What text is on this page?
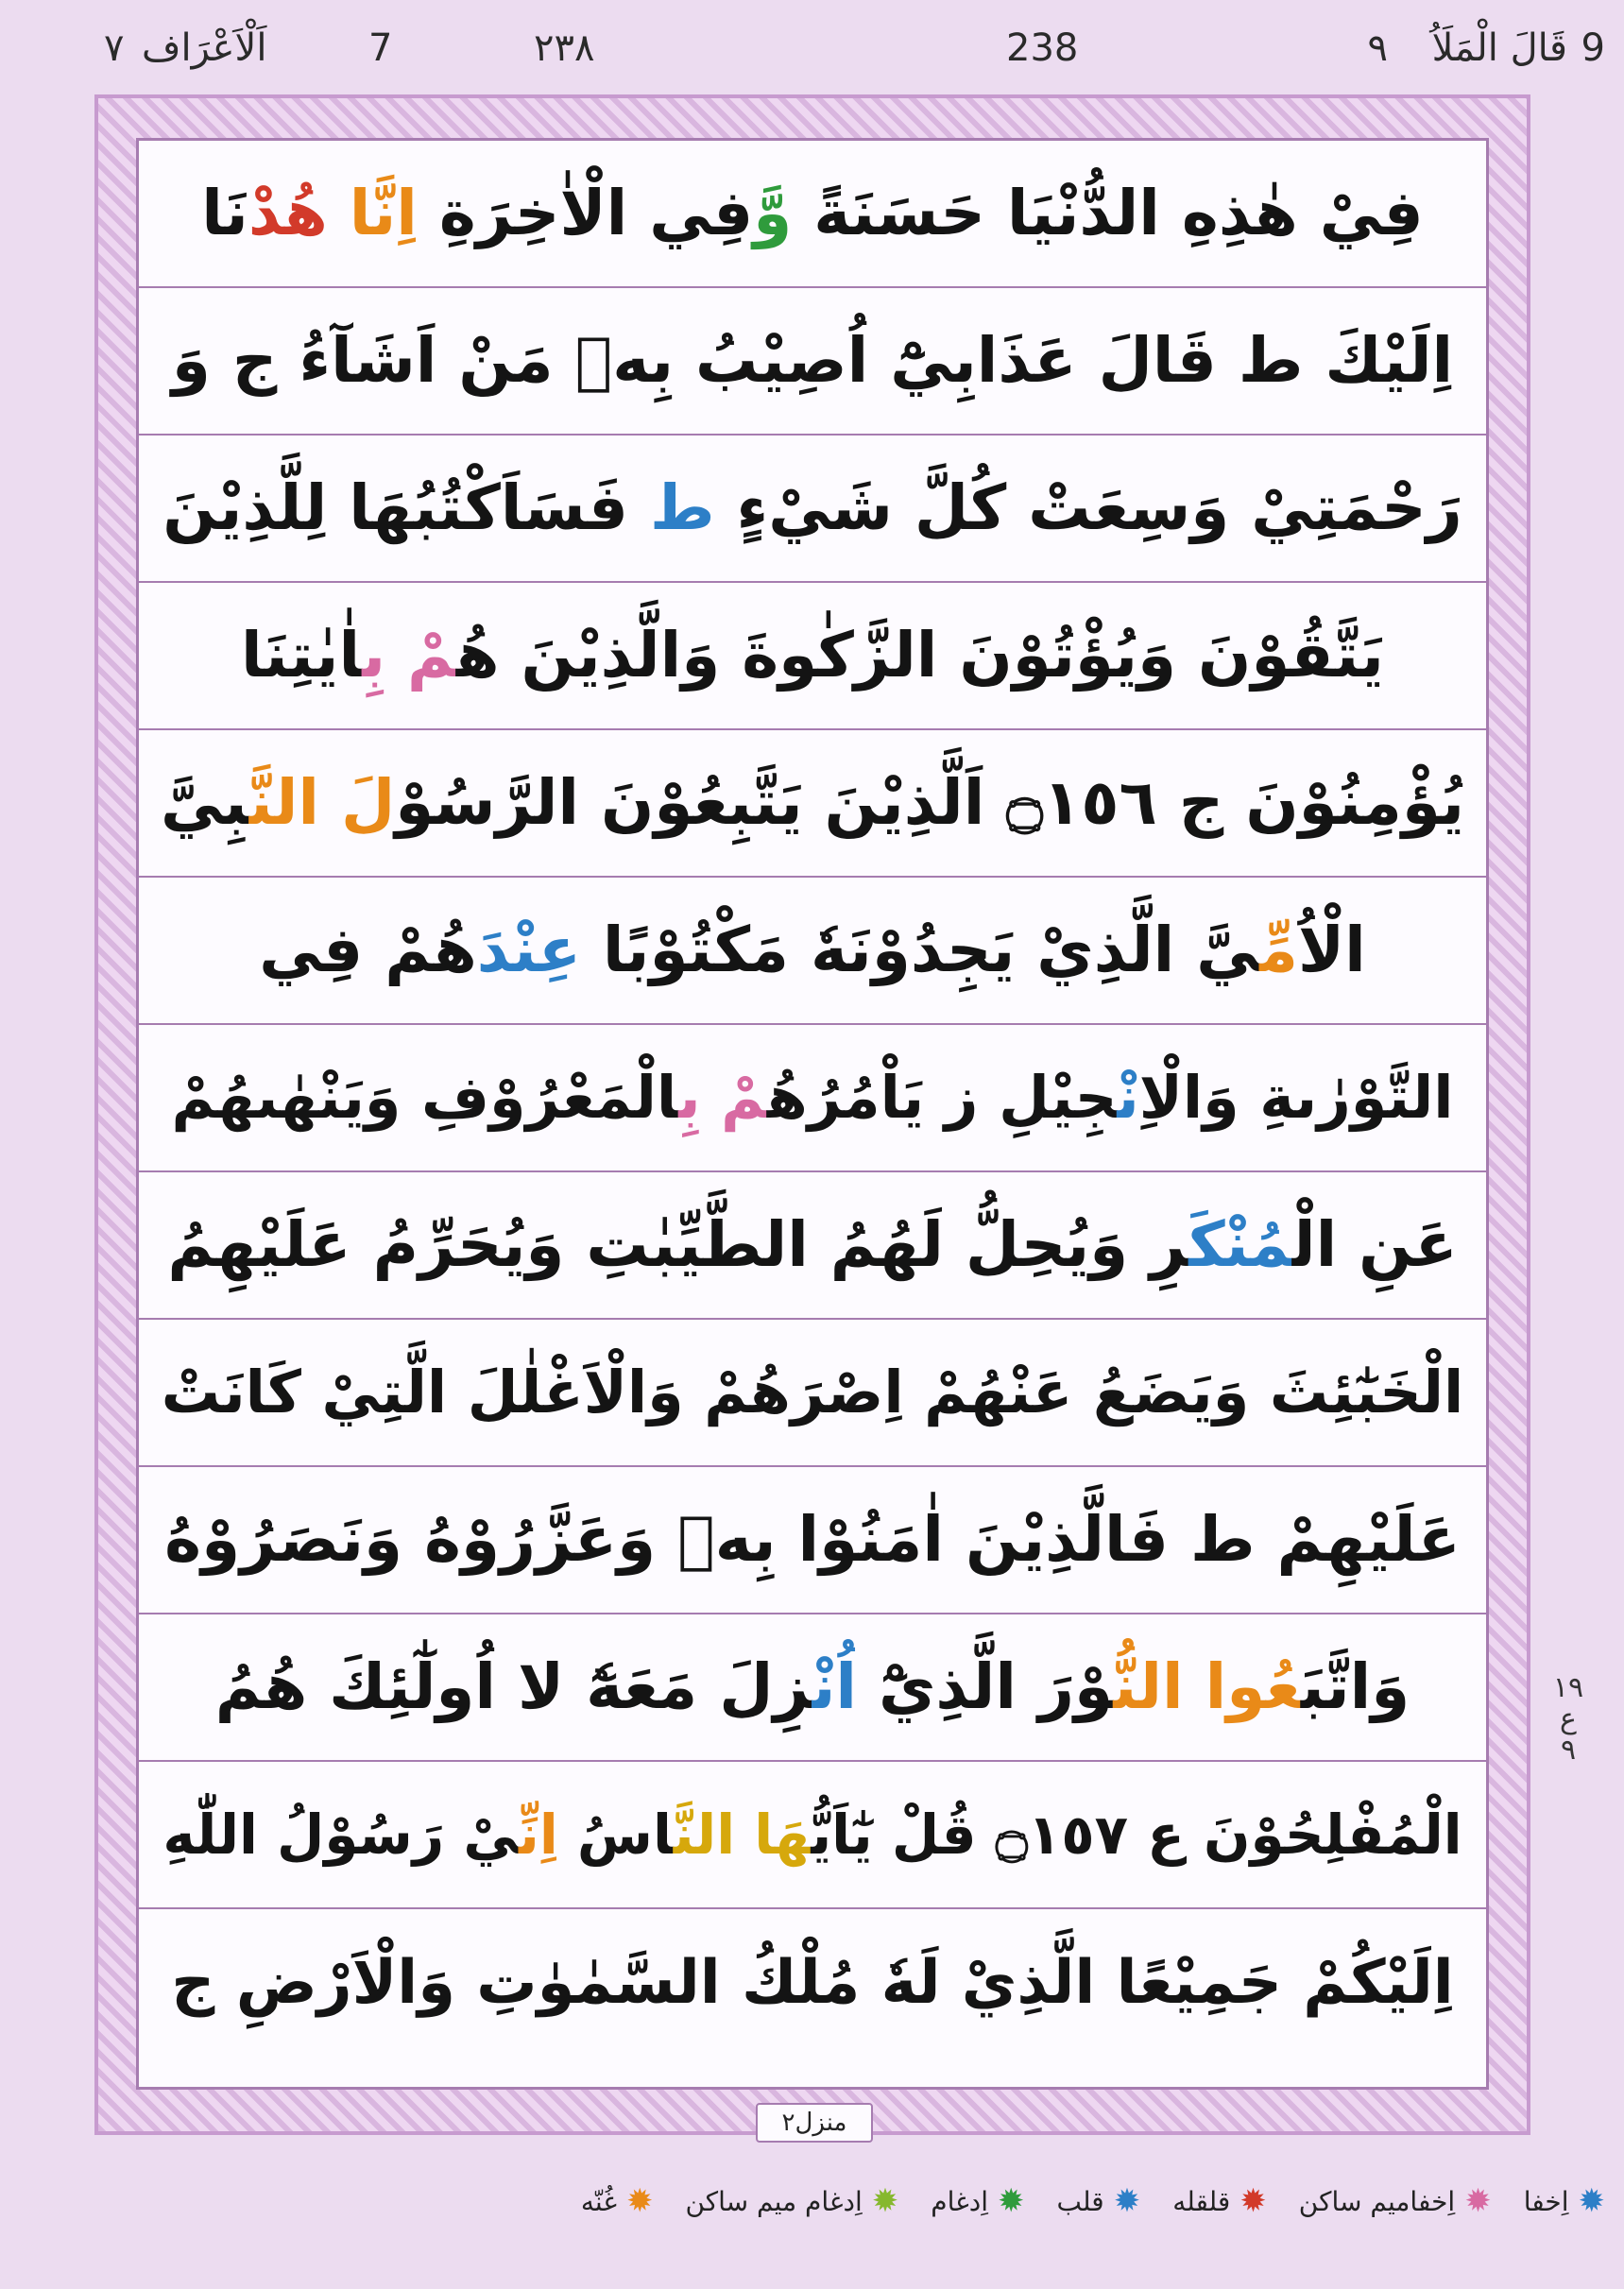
9
قَالَ الْمَلَاُ
٩
238
٢٣٨
7
اَلْاَعْرَاف
٧
فِيْ هٰذِهِ الدُّنْيَا حَسَنَةً وَّفِي الْاٰخِرَةِ اِنَّا هُدْنَا
اِلَيْكَ ط قَالَ عَذَابِيْٓ اُصِيْبُ بِهٖ مَنْ اَشَآءُ ج وَ
رَحْمَتِيْ وَسِعَتْ كُلَّ شَيْءٍ ط فَسَاَكْتُبُهَا لِلَّذِيْنَ
يَتَّقُوْنَ وَيُؤْتُوْنَ الزَّكٰوةَ وَالَّذِيْنَ هُمْ بِاٰيٰتِنَا
يُؤْمِنُوْنَ ج ۝١٥٦ اَلَّذِيْنَ يَتَّبِعُوْنَ الرَّسُوْلَ النَّبِيَّ
الْاُمِّيَّ الَّذِيْ يَجِدُوْنَهٗ مَكْتُوْبًا عِنْدَهُمْ فِي
التَّوْرٰىةِ وَالْاِنْجِيْلِ ز يَاْمُرُهُمْ بِالْمَعْرُوْفِ وَيَنْهٰىهُمْ
عَنِ الْمُنْكَرِ وَيُحِلُّ لَهُمُ الطَّيِّبٰتِ وَيُحَرِّمُ عَلَيْهِمُ
الْخَبٰٓئِثَ وَيَضَعُ عَنْهُمْ اِصْرَهُمْ وَالْاَغْلٰلَ الَّتِيْ كَانَتْ
عَلَيْهِمْ ط فَالَّذِيْنَ اٰمَنُوْا بِهٖ وَعَزَّرُوْهُ وَنَصَرُوْهُ
وَاتَّبَعُوا النُّوْرَ الَّذِيْٓ اُنْزِلَ مَعَهٗٓ لا اُولٰٓئِكَ هُمُ
الْمُفْلِحُوْنَ ع ۝١٥٧ قُلْ يٰٓاَيُّهَا النَّاسُ اِنِّيْ رَسُوْلُ اللّٰهِ
اِلَيْكُمْ جَمِيْعًا الَّذِيْ لَهٗ مُلْكُ السَّمٰوٰتِ وَالْاَرْضِ ج
منزل٢
١٩
ع
٩
✹
اِخفا
✹
اِخفامیم ساکن
✹
قلقله
✹
قلب
✹
اِدغام
✹
اِدغام میم ساکن
✹
غُنّه
